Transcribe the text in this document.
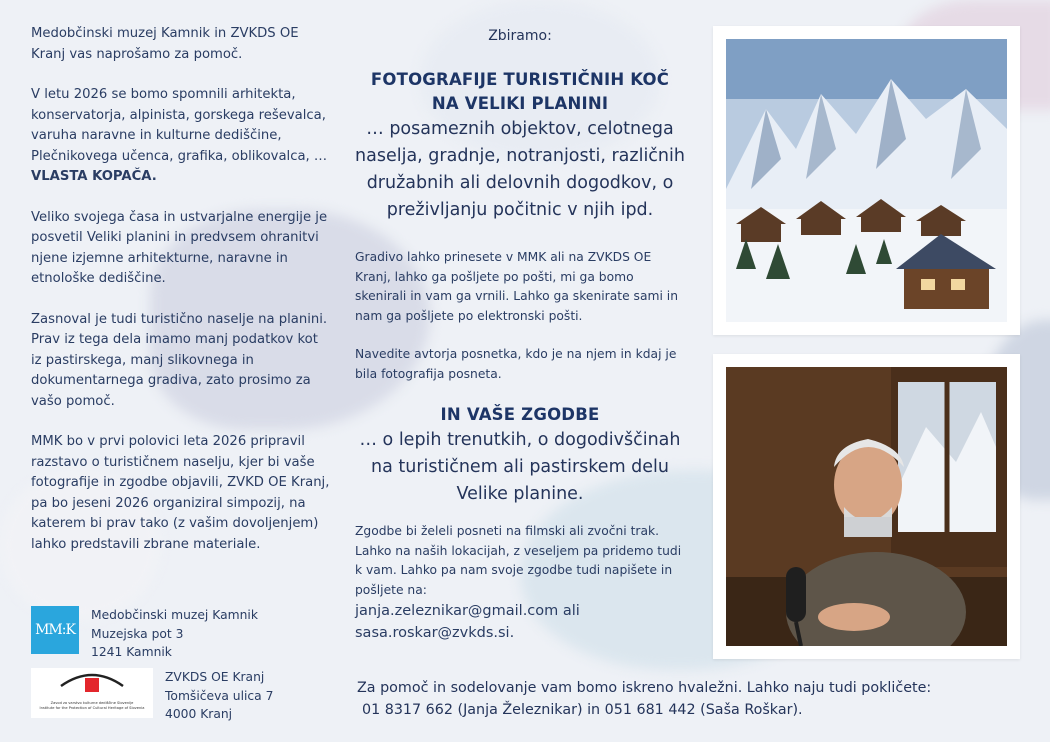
Medobčinski muzej Kamnik in ZVKDS OE Kranj vas naprošamo za pomoč.

V letu 2026 se bomo spomnili arhitekta, konservatorja, alpinista, gorskega reševalca, varuha naravne in kulturne dediščine, Plečnikovega učenca, grafika, oblikovalca, … VLASTA KOPAČA.

Veliko svojega časa in ustvarjalne energije je posvetil Veliki planini in predvsem ohranitvi njene izjemne arhitekturne, naravne in etnološke dediščine.

Zasnoval je tudi turistično naselje na planini. Prav iz tega dela imamo manj podatkov kot iz pastirskega, manj slikovnega in dokumentarnega gradiva, zato prosimo za vašo pomoč.

MMK bo v prvi polovici leta 2026 pripravil razstavo o turističnem naselju, kjer bi vaše fotografije in zgodbe objavili, ZVKD OE Kranj, pa bo jeseni 2026 organiziral simpozij, na katerem bi prav tako (z vašim dovoljenjem) lahko predstavili zbrane materiale.

MM:K
Medobčinski muzej Kamnik
Muzejska pot 3
1241 Kamnik
Zavod za varstvo kulturne dediščine Slovenije
Institute for the Protection of Cultural Heritage of Slovenia
ZVKDS OE Kranj
Tomšičeva ulica 7
4000 Kranj
Zbiramo:
FOTOGRAFIJE TURISTIČNIH KOČ NA VELIKI PLANINI
… posameznih objektov, celotnega naselja, gradnje, notranjosti, različnih družabnih ali delovnih dogodkov, o preživljanju počitnic v njih ipd.

Gradivo lahko prinesete v MMK ali na ZVKDS OE Kranj, lahko ga pošljete po pošti, mi ga bomo skenirali in vam ga vrnili. Lahko ga skenirate sami in nam ga pošljete po elektronski pošti.

Navedite avtorja posnetka, kdo je na njem in kdaj je bila fotografija posneta.

IN VAŠE ZGODBE
… o lepih trenutkih, o dogodivščinah na turističnem ali pastirskem delu Velike planine.

Zgodbe bi želeli posneti na filmski ali zvočni trak. Lahko na naših lokacijah, z veseljem pa pridemo tudi k vam. Lahko pa nam svoje zgodbe tudi napišete in pošljete na:

janja.zeleznikar@gmail.com ali
sasa.roskar@zvkds.si.
Za pomoč in sodelovanje vam bomo iskreno hvaležni. Lahko naju tudi pokličete:
01 8317 662 (Janja Železnikar) in 051 681 442 (Saša Roškar).
